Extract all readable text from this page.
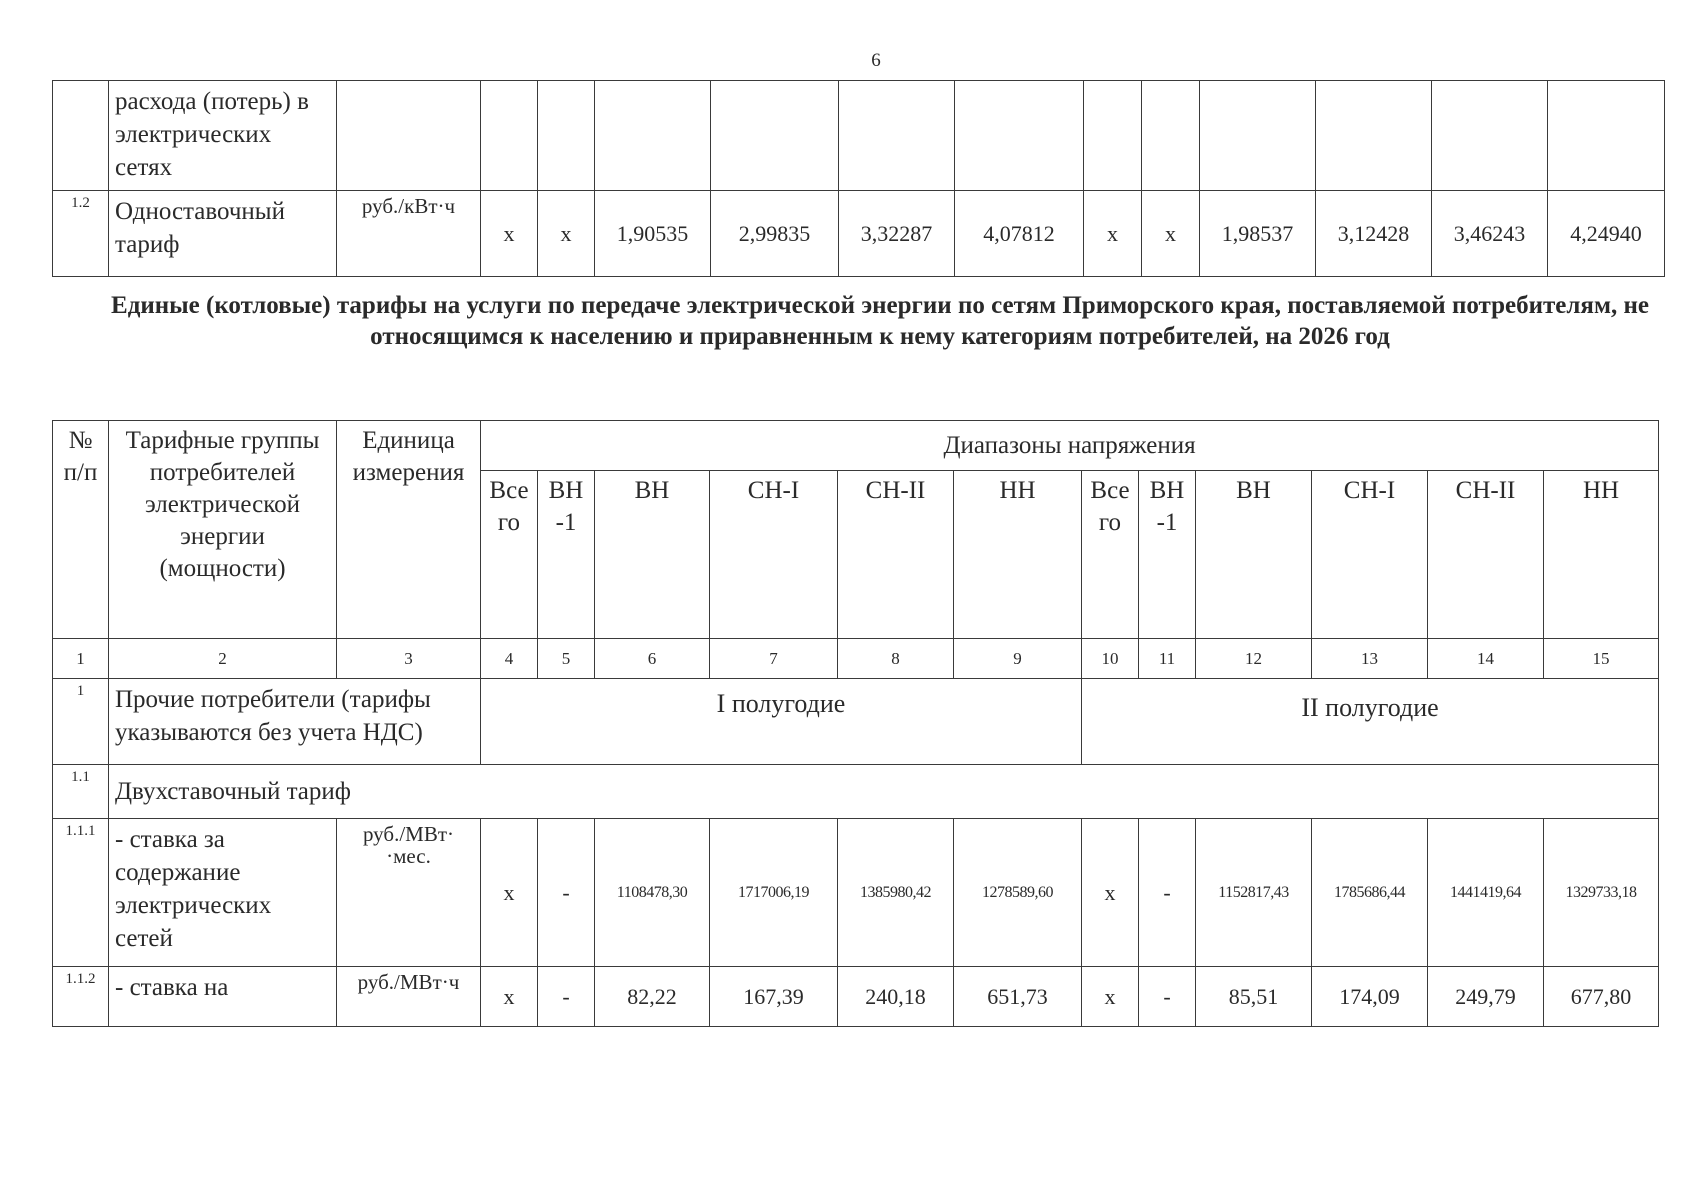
6
	расхода (потерь) в электрических сетях													
1.2	Одноставочный тариф	руб./кВт·ч	х	х	1,90535	2,99835	3,32287	4,07812	х	х	1,98537	3,12428	3,46243	4,24940
Единые (котловые) тарифы на услуги по передаче электрической энергии по сетям Приморского края, поставляемой потребителям, не относящимся к населению и приравненным к нему категориям потребителей, на 2026 год
№ п/п	Тарифные группы потребителей электрической энергии (мощности)	Единица измерения	Диапазоны напряжения											
			Все го	ВН -1	ВН	СН-I	СН-II	НН	Все го	ВН -1	ВН	СН-I	СН-II	НН
1	2	3	4	5	6	7	8	9	10	11	12	13	14	15
1	Прочие потребители (тарифы указываются без учета НДС)		I полугодие						II полугодие					
1.1	Двухставочный тариф													
1.1.1	- ставка за содержание электрических сетей	руб./МВт· ·мес.	х	-	1108478,30	1717006,19	1385980,42	1278589,60	х	-	1152817,43	1785686,44	1441419,64	1329733,18
1.1.2	- ставка на	руб./МВт·ч	х	-	82,22	167,39	240,18	651,73	х	-	85,51	174,09	249,79	677,80
